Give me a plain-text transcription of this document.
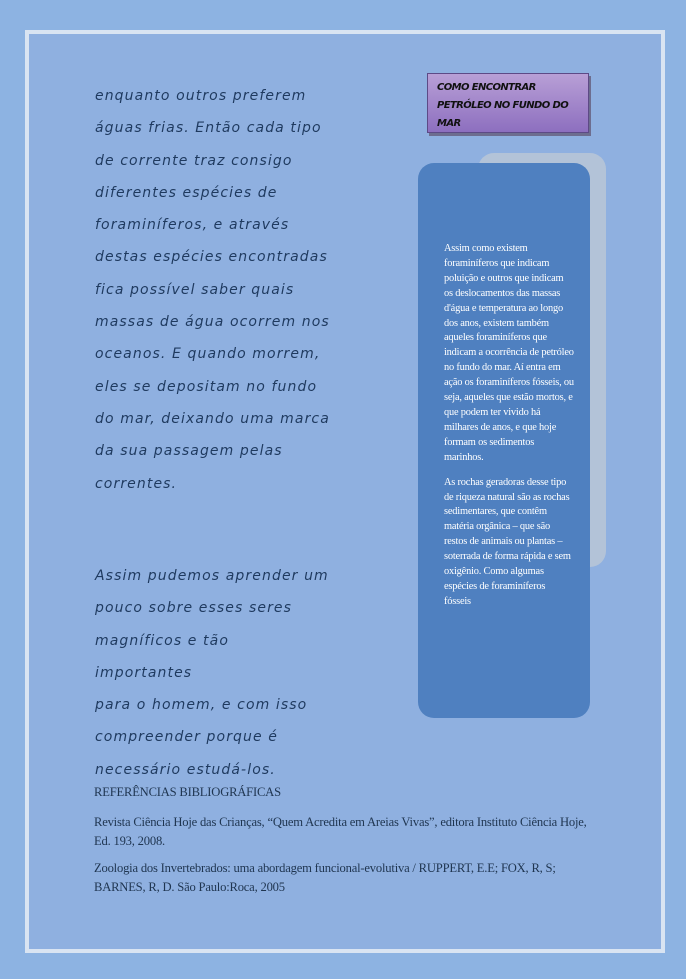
enquanto outros preferem

águas frias. Então cada tipo

de corrente traz consigo

diferentes espécies de

foraminíferos, e através

destas espécies encontradas

fica possível saber quais

massas de água ocorrem nos

oceanos. E quando morrem,

eles se depositam no fundo

do mar, deixando uma marca

da sua passagem pelas

correntes.

Assim pudemos aprender um

pouco sobre esses seres

magníficos e tão importantes

para o homem, e com isso

compreender porque é

necessário estudá-los.

COMO ENCONTRAR PETRÓLEO NO FUNDO DO MAR

Assim como existem foraminíferos que indicam poluição e outros que indicam os deslocamentos das massas d'água e temperatura ao longo dos anos, existem também aqueles foraminíferos que indicam a ocorrência de petróleo no fundo do mar. Aí entra em ação os foraminíferos fósseis, ou seja, aqueles que estão mortos, e que podem ter vivido há milhares de anos, e que hoje formam os sedimentos marinhos.

As rochas geradoras desse tipo de riqueza natural são as rochas sedimentares, que contêm matéria orgânica – que são restos de animais ou plantas – soterrada de forma rápida e sem oxigênio. Como algumas espécies de foraminíferos fósseis

REFERÊNCIAS BIBLIOGRÁFICAS

Revista Ciência Hoje das Crianças, “Quem Acredita em Areias Vivas”, editora Instituto Ciência Hoje, Ed. 193, 2008.

Zoologia dos Invertebrados: uma abordagem funcional-evolutiva / RUPPERT, E.E; FOX, R, S; BARNES, R, D. São Paulo:Roca, 2005
